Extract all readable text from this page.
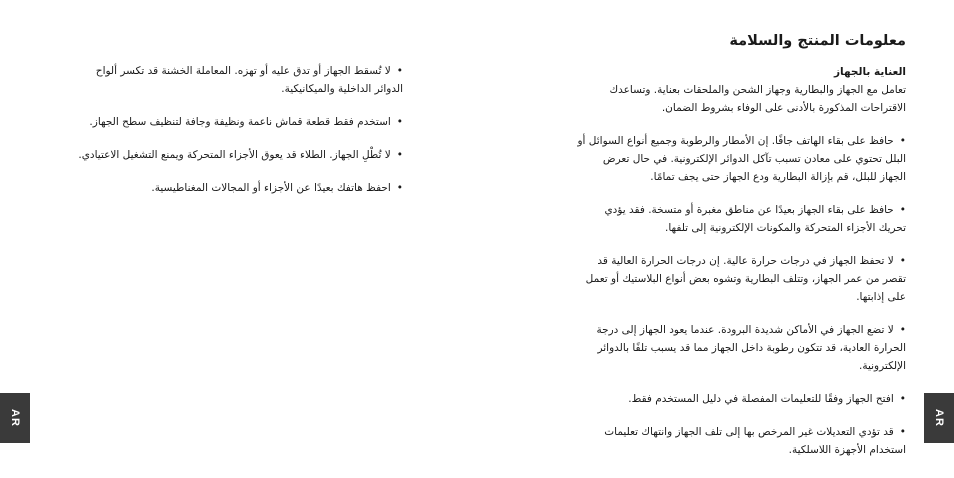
•لا تُسقط الجهاز أو تدق عليه أو تهزه. المعاملة الخشنة قد تكسر ألواح الدوائر الداخلية والميكانيكية.

•استخدم فقط قطعة قماش ناعمة ونظيفة وجافة لتنظيف سطح الجهاز.

•لا تُطْلِ الجهاز. الطلاء قد يعوق الأجزاء المتحركة ويمنع التشغيل الاعتيادي.

•احفظ هاتفك بعيدًا عن الأجزاء أو المجالات المغناطيسية.

AR
معلومات المنتج والسلامة

العناية بالجهاز

تعامل مع الجهاز والبطارية وجهاز الشحن والملحقات بعناية. وتساعدك الاقتراحات المذكورة بالأدنى على الوفاء بشروط الضمان.

•حافظ على بقاء الهاتف جافًا. إن الأمطار والرطوبة وجميع أنواع السوائل أو البلل تحتوي على معادن تسبب تآكل الدوائر الإلكترونية. في حال تعرض الجهاز للبلل، قم بإزالة البطارية ودع الجهاز حتى يجف تمامًا.

•حافظ على بقاء الجهاز بعيدًا عن مناطق مغبرة أو متسخة. فقد يؤدي تحريك الأجزاء المتحركة والمكونات الإلكترونية إلى تلفها.

•لا تحفظ الجهاز في درجات حرارة عالية. إن درجات الحرارة العالية قد تقصر من عمر الجهاز، وتتلف البطارية وتشوه بعض أنواع البلاستيك أو تعمل على إذابتها.

•لا تضع الجهاز في الأماكن شديدة البرودة. عندما يعود الجهاز إلى درجة الحرارة العادية، قد تتكون رطوبة داخل الجهاز مما قد يسبب تلفًا بالدوائر الإلكترونية.

•افتح الجهاز وفقًا للتعليمات المفصلة في دليل المستخدم فقط.

•قد تؤدي التعديلات غير المرخص بها إلى تلف الجهاز وانتهاك تعليمات استخدام الأجهزة اللاسلكية.

AR
